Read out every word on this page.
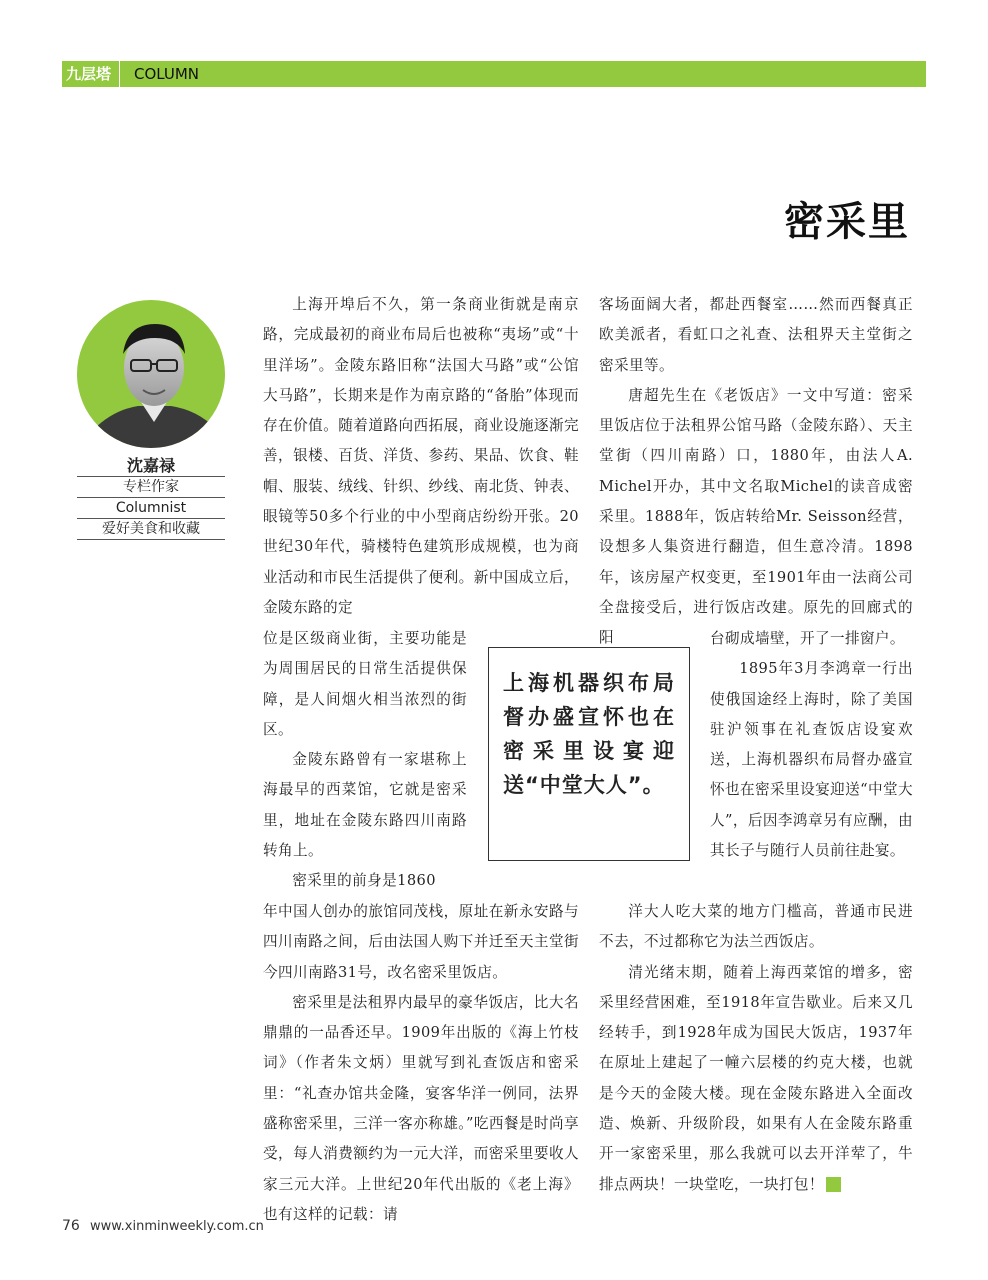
九层塔	COLUMN
密采里
沈嘉禄
专栏作家
Columnist
爱好美食和收藏

上海开埠后不久，第一条商业街就是南京路，完成最初的商业布局后也被称“夷场”或“十里洋场”。金陵东路旧称“法国大马路”或“公馆大马路”，长期来是作为南京路的“备胎”体现而存在价值。随着道路向西拓展，商业设施逐渐完善，银楼、百货、洋货、参药、果品、饮食、鞋帽、服装、绒线、针织、纱线、南北货、钟表、眼镜等50多个行业的中小型商店纷纷开张。20世纪30年代，骑楼特色建筑形成规模，也为商业活动和市民生活提供了便利。新中国成立后，金陵东路的定

位是区级商业街，主要功能是为周围居民的日常生活提供保障，是人间烟火相当浓烈的街区。

金陵东路曾有一家堪称上海最早的西菜馆，它就是密采里，地址在金陵东路四川南路转角上。

密采里的前身是1860

年中国人创办的旅馆同茂栈，原址在新永安路与四川南路之间，后由法国人购下并迁至天主堂街今四川南路31号，改名密采里饭店。

密采里是法租界内最早的豪华饭店，比大名鼎鼎的一品香还早。1909年出版的《海上竹枝词》（作者朱文炳）里就写到礼查饭店和密采里：“礼查办馆共金隆，宴客华洋一例同，法界盛称密采里，三洋一客亦称雄。”吃西餐是时尚享受，每人消费额约为一元大洋，而密采里要收人家三元大洋。上世纪20年代出版的《老上海》也有这样的记载：请

客场面阔大者，都赴西餐室……然而西餐真正欧美派者，看虹口之礼查、法租界天主堂街之密采里等。

唐超先生在《老饭店》一文中写道：密采里饭店位于法租界公馆马路（金陵东路）、天主堂街（四川南路）口，1880年，由法人A. Michel开办，其中文名取Michel的读音成密采里。1888年，饭店转给Mr. Seisson经营，设想多人集资进行翻造，但生意冷清。1898年，该房屋产权变更，至1901年由一法商公司全盘接受后，进行饭店改建。原先的回廊式的阳	台砌成墙壁，开了一排窗户。

1895年3月李鸿章一行出使俄国途经上海时，除了美国驻沪领事在礼查饭店设宴欢送，上海机器织布局督办盛宣怀也在密采里设宴迎送“中堂大人”，后因李鸿章另有应酬，由其长子与随行人员前往赴宴。

洋大人吃大菜的地方门槛高，普通市民进不去，不过都称它为法兰西饭店。

清光绪末期，随着上海西菜馆的增多，密采里经营困难，至1918年宣告歇业。后来又几经转手，到1928年成为国民大饭店，1937年在原址上建起了一幢六层楼的约克大楼，也就是今天的金陵大楼。现在金陵东路进入全面改造、焕新、升级阶段，如果有人在金陵东路重开一家密采里，那么我就可以去开洋荤了，牛排点两块！一块堂吃，一块打包！	民

上海机器织布局督办盛宣怀也在密采里设宴迎送“中堂大人”。
76 www.xinminweekly.com.cn
